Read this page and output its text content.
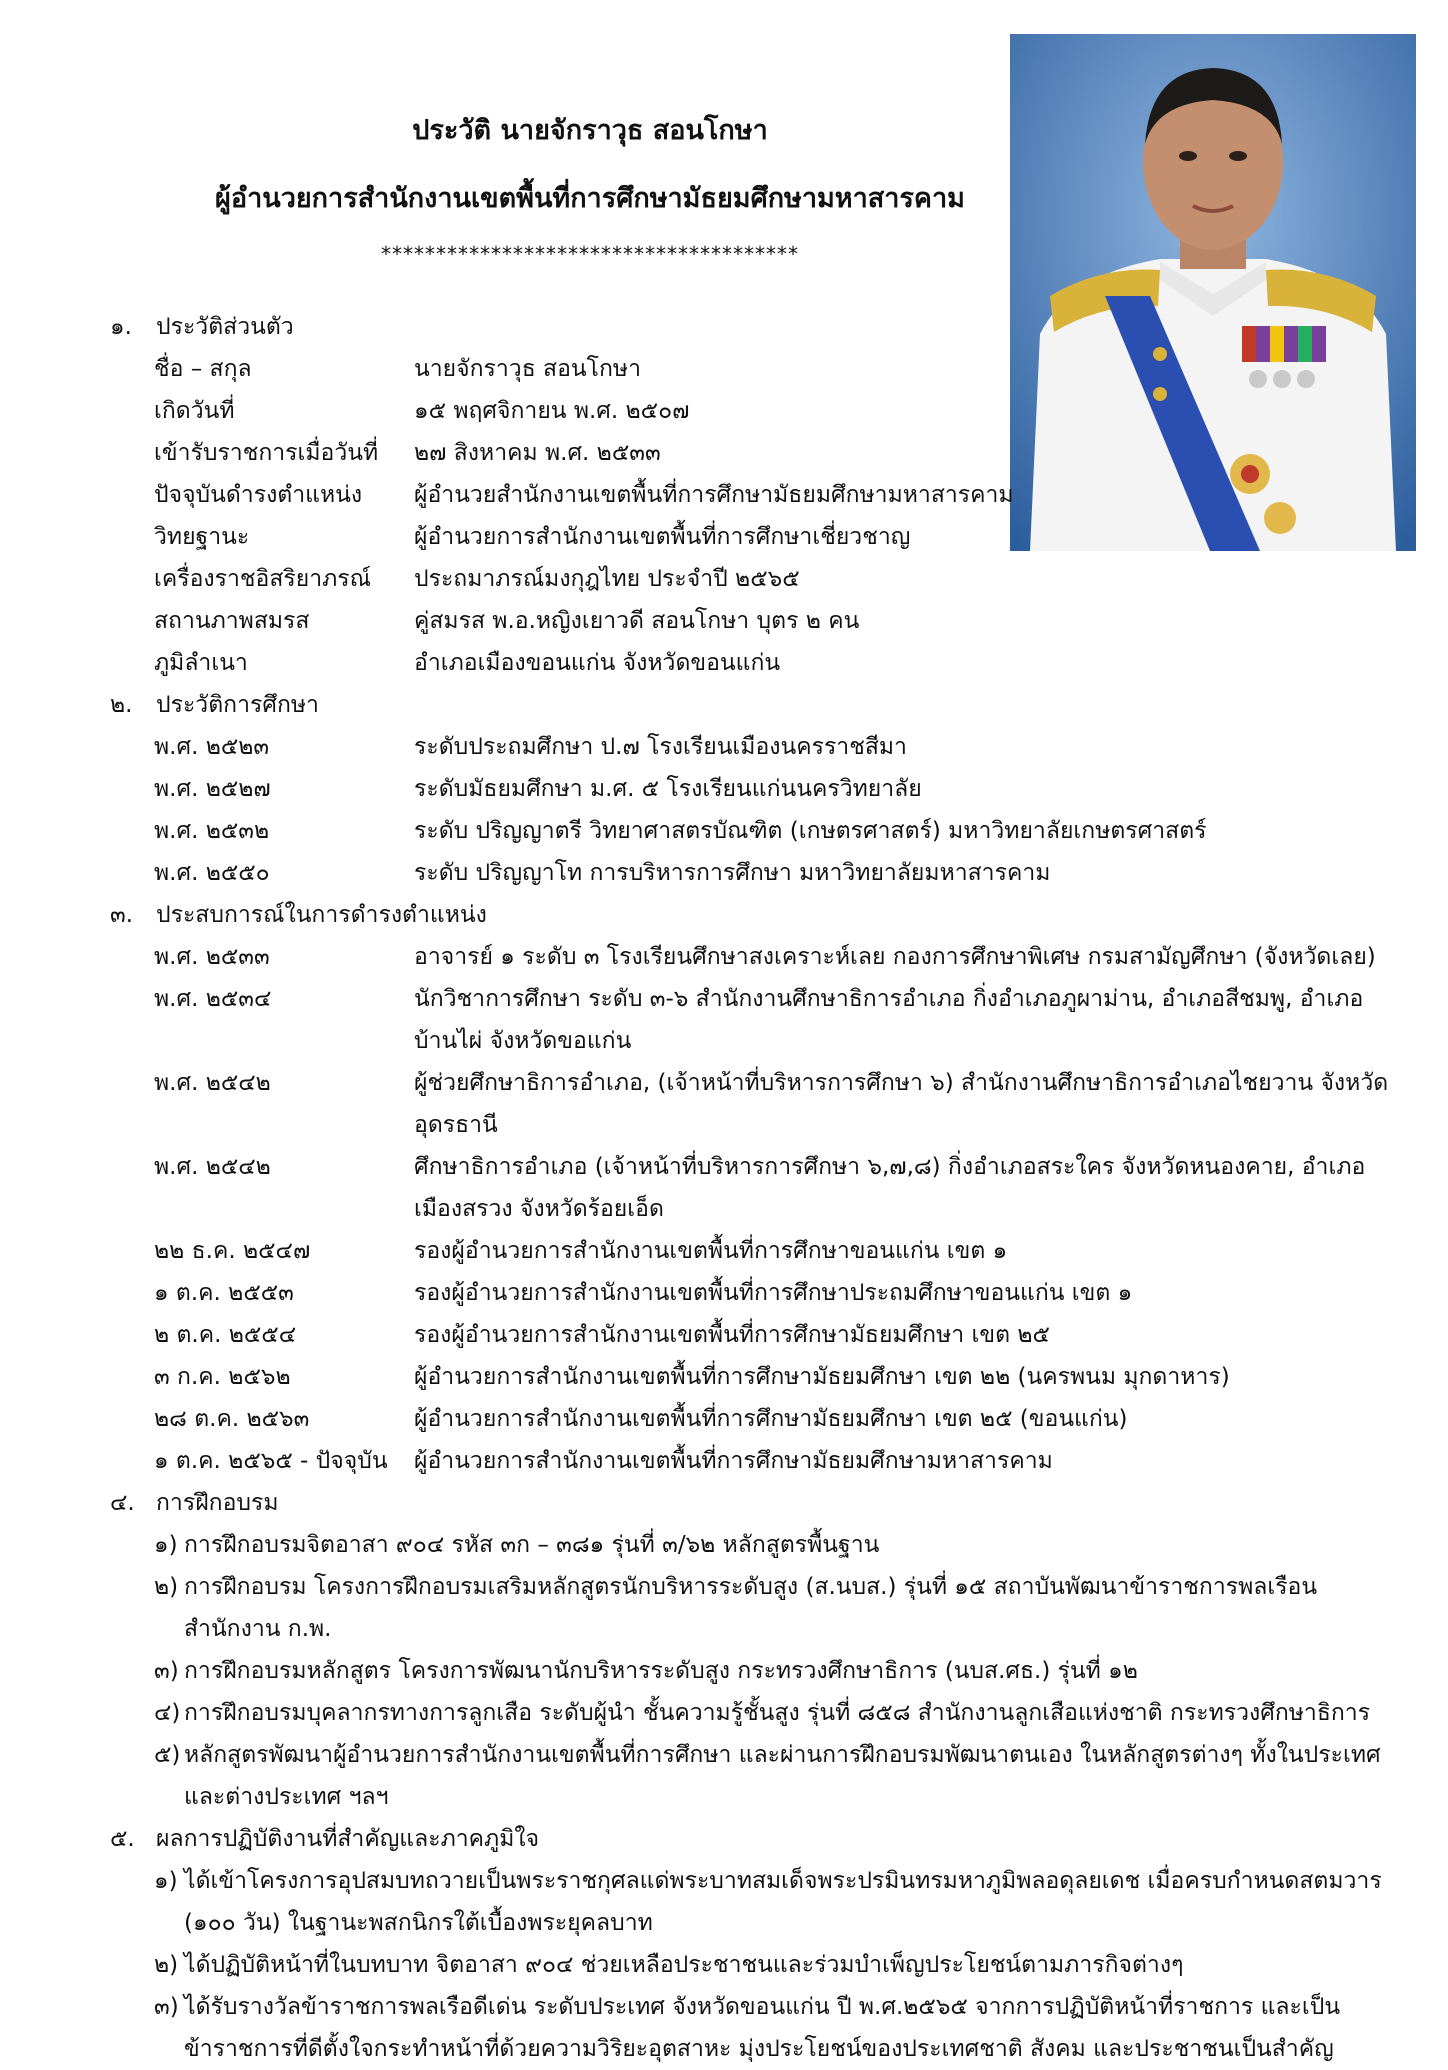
ประวัติ นายจักราวุธ สอนโกษา
ผู้อำนวยการสำนักงานเขตพื้นที่การศึกษามัธยมศึกษามหาสารคาม
**************************************
๑. ประวัติส่วนตัว
ชื่อ – สกุล	นายจักราวุธ สอนโกษา
เกิดวันที่	๑๕ พฤศจิกายน พ.ศ. ๒๕๐๗
เข้ารับราชการเมื่อวันที่	๒๗ สิงหาคม พ.ศ. ๒๕๓๓
ปัจจุบันดำรงตำแหน่ง	ผู้อำนวยสำนักงานเขตพื้นที่การศึกษามัธยมศึกษามหาสารคาม
วิทยฐานะ	ผู้อำนวยการสำนักงานเขตพื้นที่การศึกษาเชี่ยวชาญ
เครื่องราชอิสริยาภรณ์	ประถมาภรณ์มงกุฎไทย ประจำปี ๒๕๖๕
สถานภาพสมรส	คู่สมรส พ.อ.หญิงเยาวดี สอนโกษา บุตร ๒ คน
ภูมิลำเนา	อำเภอเมืองขอนแก่น จังหวัดขอนแก่น
๒. ประวัติการศึกษา
พ.ศ. ๒๕๒๓	ระดับประถมศึกษา ป.๗ โรงเรียนเมืองนครราชสีมา
พ.ศ. ๒๕๒๗	ระดับมัธยมศึกษา ม.ศ. ๕ โรงเรียนแก่นนครวิทยาลัย
พ.ศ. ๒๕๓๒	ระดับ ปริญญาตรี วิทยาศาสตรบัณฑิต (เกษตรศาสตร์) มหาวิทยาลัยเกษตรศาสตร์
พ.ศ. ๒๕๕๐	ระดับ ปริญญาโท การบริหารการศึกษา มหาวิทยาลัยมหาสารคาม
๓. ประสบการณ์ในการดำรงตำแหน่ง
พ.ศ. ๒๕๓๓	อาจารย์ ๑ ระดับ ๓ โรงเรียนศึกษาสงเคราะห์เลย กองการศึกษาพิเศษ กรมสามัญศึกษา (จังหวัดเลย)
พ.ศ. ๒๕๓๔	นักวิชาการศึกษา ระดับ ๓-๖ สำนักงานศึกษาธิการอำเภอ กิ่งอำเภอภูผาม่าน, อำเภอสีชมพู, อำเภอบ้านไผ่ จังหวัดขอแก่น
พ.ศ. ๒๕๔๒	ผู้ช่วยศึกษาธิการอำเภอ, (เจ้าหน้าที่บริหารการศึกษา ๖) สำนักงานศึกษาธิการอำเภอไชยวาน จังหวัดอุดรธานี
พ.ศ. ๒๕๔๒	ศึกษาธิการอำเภอ (เจ้าหน้าที่บริหารการศึกษา ๖,๗,๘) กิ่งอำเภอสระใคร จังหวัดหนองคาย, อำเภอเมืองสรวง จังหวัดร้อยเอ็ด
๒๒ ธ.ค. ๒๕๔๗	รองผู้อำนวยการสำนักงานเขตพื้นที่การศึกษาขอนแก่น เขต ๑
๑ ต.ค. ๒๕๕๓	รองผู้อำนวยการสำนักงานเขตพื้นที่การศึกษาประถมศึกษาขอนแก่น เขต ๑
๒ ต.ค. ๒๕๕๔	รองผู้อำนวยการสำนักงานเขตพื้นที่การศึกษามัธยมศึกษา เขต ๒๕
๓ ก.ค. ๒๕๖๒	ผู้อำนวยการสำนักงานเขตพื้นที่การศึกษามัธยมศึกษา เขต ๒๒ (นครพนม มุกดาหาร)
๒๘ ต.ค. ๒๕๖๓	ผู้อำนวยการสำนักงานเขตพื้นที่การศึกษามัธยมศึกษา เขต ๒๕ (ขอนแก่น)
๑ ต.ค. ๒๕๖๕ - ปัจจุบัน	ผู้อำนวยการสำนักงานเขตพื้นที่การศึกษามัธยมศึกษามหาสารคาม
๔. การฝึกอบรม
๑) การฝึกอบรมจิตอาสา ๙๐๔ รหัส ๓ก – ๓๘๑ รุ่นที่ ๓/๖๒ หลักสูตรพื้นฐาน
๒) การฝึกอบรม โครงการฝึกอบรมเสริมหลักสูตรนักบริหารระดับสูง (ส.นบส.) รุ่นที่ ๑๕ สถาบันพัฒนาข้าราชการพลเรือน สำนักงาน ก.พ.
๓) การฝึกอบรมหลักสูตร โครงการพัฒนานักบริหารระดับสูง กระทรวงศึกษาธิการ (นบส.ศธ.) รุ่นที่ ๑๒
๔) การฝึกอบรมบุคลากรทางการลูกเสือ ระดับผู้นำ ชั้นความรู้ชั้นสูง รุ่นที่ ๘๕๘ สำนักงานลูกเสือแห่งชาติ กระทรวงศึกษาธิการ
๕) หลักสูตรพัฒนาผู้อำนวยการสำนักงานเขตพื้นที่การศึกษา และผ่านการฝึกอบรมพัฒนาตนเอง ในหลักสูตรต่างๆ ทั้งในประเทศและต่างประเทศ ฯลฯ
๕. ผลการปฏิบัติงานที่สำคัญและภาคภูมิใจ
๑) ได้เข้าโครงการอุปสมบทถวายเป็นพระราชกุศลแด่พระบาทสมเด็จพระปรมินทรมหาภูมิพลอดุลยเดช เมื่อครบกำหนดสตมวาร (๑๐๐ วัน) ในฐานะพสกนิกรใต้เบื้องพระยุคลบาท
๒) ได้ปฏิบัติหน้าที่ในบทบาท จิตอาสา ๙๐๔ ช่วยเหลือประชาชนและร่วมบำเพ็ญประโยชน์ตามภารกิจต่างๆ
๓) ได้รับรางวัลข้าราชการพลเรือดีเด่น ระดับประเทศ จังหวัดขอนแก่น ปี พ.ศ.๒๕๖๕ จากการปฏิบัติหน้าที่ราชการ และเป็นข้าราชการที่ดีตั้งใจกระทำหน้าที่ด้วยความวิริยะอุตสาหะ มุ่งประโยชน์ของประเทศชาติ สังคม และประชาชนเป็นสำคัญ
